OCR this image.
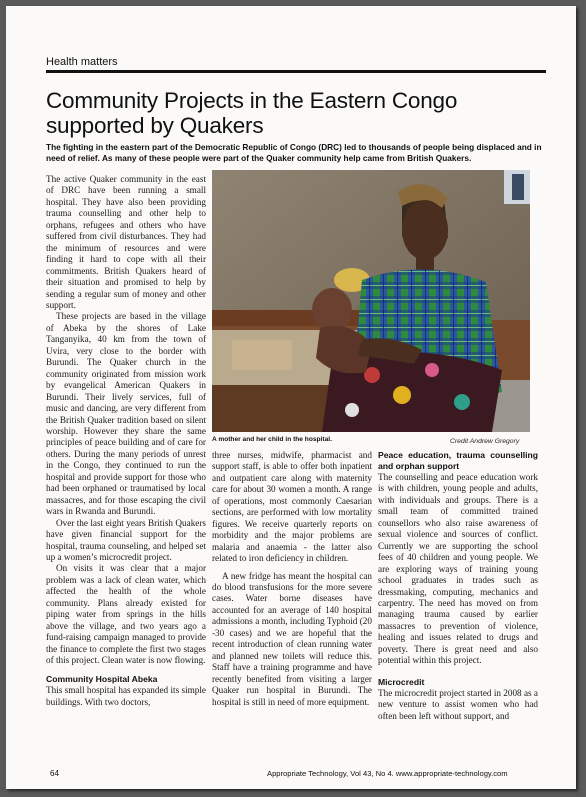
Health matters
Community Projects in the Eastern Congo supported by Quakers

The fighting in the eastern part of the Democratic Republic of Congo (DRC) led to thousands of people being displaced and in need of relief. As many of these people were part of the Quaker community help came from British Quakers.

The active Quaker community in the east of DRC have been running a small hospital. They have also been providing trauma counselling and other help to orphans, refugees and others who have suffered from civil disturbances. They had the minimum of resources and were finding it hard to cope with all their commitments. British Quakers heard of their situation and promised to help by sending a regular sum of money and other support.

These projects are based in the village of Abeka by the shores of Lake Tanganyika, 40 km from the town of Uvira, very close to the border with Burundi. The Quaker church in the community originated from mission work by evangelical American Quakers in Burundi. Their lively services, full of music and dancing, are very different from the British Quaker tradition based on silent worship. However they share the same principles of peace building and of care for others. During the many periods of unrest in the Congo, they continued to run the hospital and provide support for those who had been orphaned or traumatised by local massacres, and for those escaping the civil wars in Rwanda and Burundi.

Over the last eight years British Quakers have given financial support for the hospital, trauma counseling, and helped set up a women’s microcredit project.

On visits it was clear that a major problem was a lack of clean water, which affected the health of the whole community. Plans already existed for piping water from springs in the hills above the village, and two years ago a fund-raising campaign managed to provide the finance to complete the first two stages of this project. Clean water is now flowing.

Community Hospital Abeka

This small hospital has expanded its simple buildings. With two doctors,

A mother and her child in the hospital.	Credit Andrew Gregory

three nurses, midwife, pharmacist and support staff, is able to offer both inpatient and outpatient care along with maternity care for about 30 women a month. A range of operations, most commonly Caesarian sections, are performed with low mortality figures. We receive quarterly reports on morbidity and the major problems are malaria and anaemia - the latter also related to iron deficiency in children.

A new fridge has meant the hospital can do blood transfusions for the more severe cases. Water borne diseases have accounted for an average of 140 hospital admissions a month, including Typhoid (20 -30 cases) and we are hopeful that the recent introduction of clean running water and planned new toilets will reduce this. Staff have a training programme and have recently benefited from visiting a larger Quaker run hospital in Burundi. The hospital is still in need of more equipment.

Peace education, trauma counselling and orphan support

The counselling and peace education work is with children, young people and adults, with individuals and groups. There is a small team of committed trained counsellors who also raise awareness of sexual violence and sources of conflict. Currently we are supporting the school fees of 40 children and young people. We are exploring ways of training young school graduates in trades such as dressmaking, computing, mechanics and carpentry. The need has moved on from managing trauma caused by earlier massacres to prevention of violence, healing and issues related to drugs and poverty. There is great need and also potential within this project.

Microcredit

The microcredit project started in 2008 as a new venture to assist women who had often been left without support, and

64	Appropriate Technology, Vol 43, No 4. www.appropriate-technology.com
